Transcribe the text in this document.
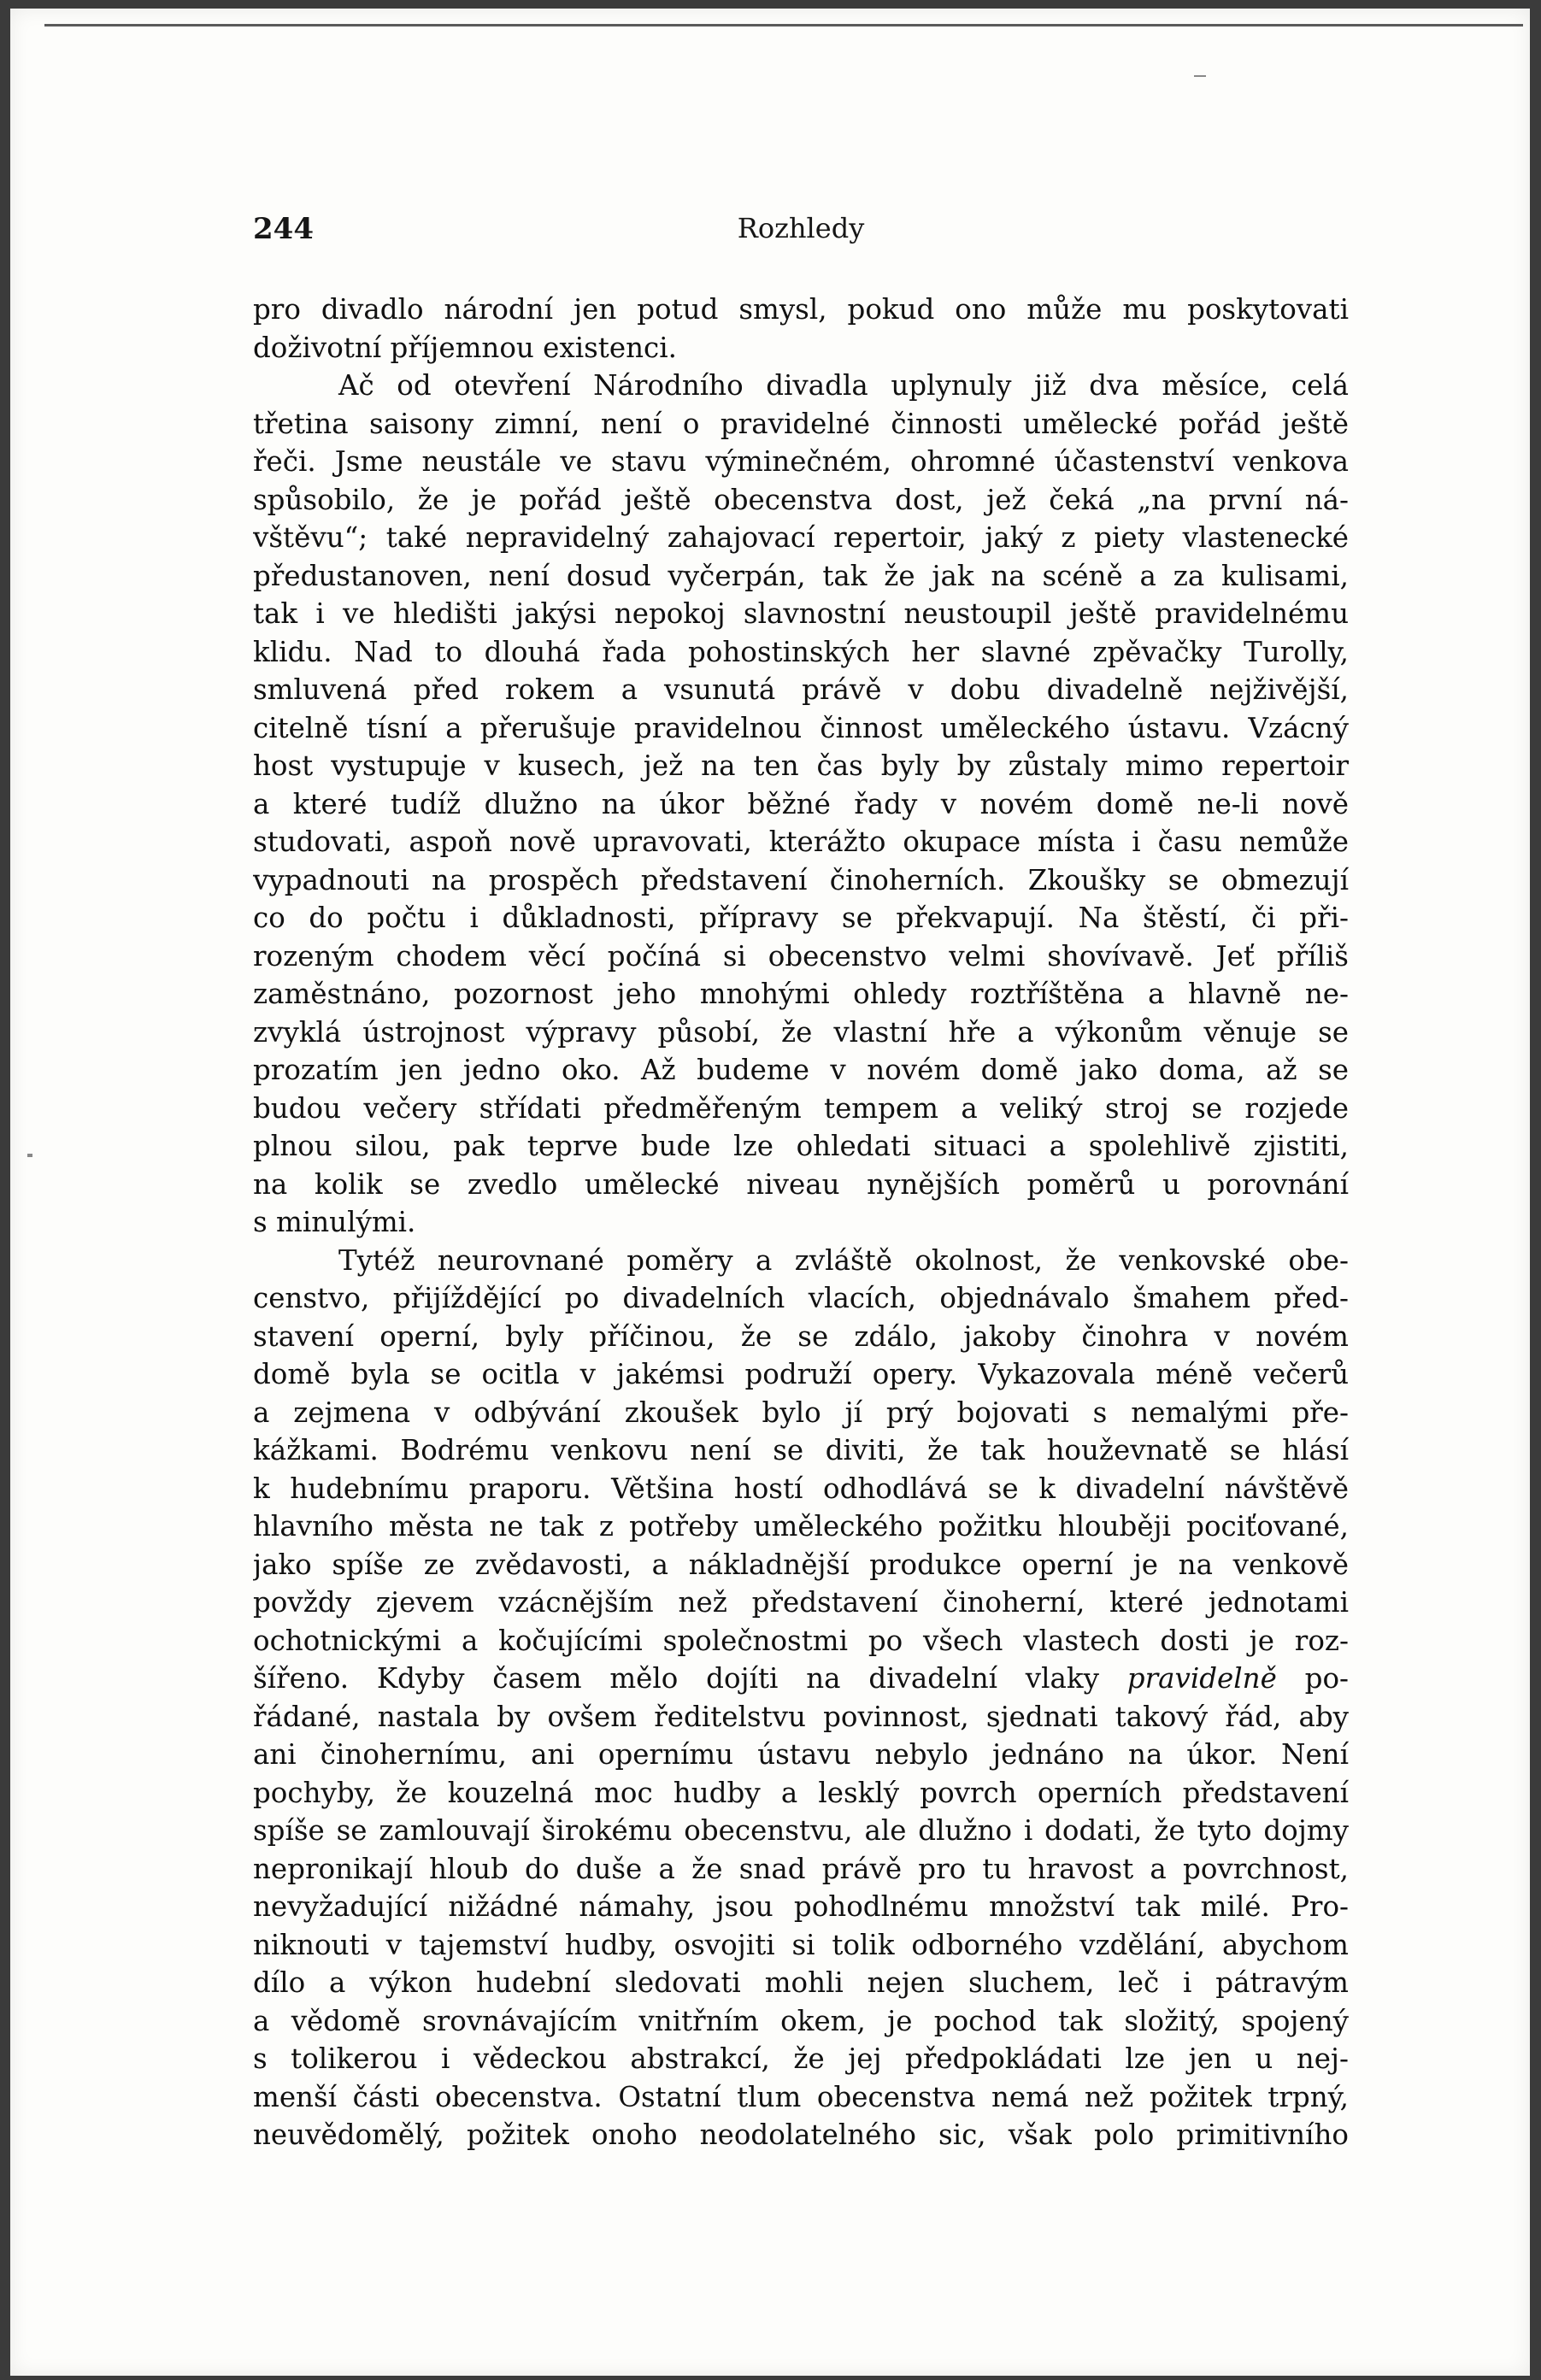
244	Rozhledy
pro divadlo národní jen potud smysl, pokud ono může mu poskytovati
doživotní příjemnou existenci.
Ač od otevření Národního divadla uplynuly již dva měsíce, celá
třetina saisony zimní, není o pravidelné činnosti umělecké pořád ještě
řeči. Jsme neustále ve stavu výminečném, ohromné účastenství venkova
spůsobilo, že je pořád ještě obecenstva dost, jež čeká „na první ná-
vštěvu“; také nepravidelný zahajovací repertoir, jaký z piety vlastenecké
předustanoven, není dosud vyčerpán, tak že jak na scéně a za kulisami,
tak i ve hledišti jakýsi nepokoj slavnostní neustoupil ještě pravidelnému
klidu. Nad to dlouhá řada pohostinských her slavné zpěvačky Turolly,
smluvená před rokem a vsunutá právě v dobu divadelně nejživější,
citelně tísní a přerušuje pravidelnou činnost uměleckého ústavu. Vzácný
host vystupuje v kusech, jež na ten čas byly by zůstaly mimo repertoir
a které tudíž dlužno na úkor běžné řady v novém domě ne-li nově
studovati, aspoň nově upravovati, kterážto okupace místa i času nemůže
vypadnouti na prospěch představení činoherních. Zkoušky se obmezují
co do počtu i důkladnosti, přípravy se překvapují. Na štěstí, či při-
rozeným chodem věcí počíná si obecenstvo velmi shovívavě. Jeť příliš
zaměstnáno, pozornost jeho mnohými ohledy roztříštěna a hlavně ne-
zvyklá ústrojnost výpravy působí, že vlastní hře a výkonům věnuje se
prozatím jen jedno oko. Až budeme v novém domě jako doma, až se
budou večery střídati předměřeným tempem a veliký stroj se rozjede
plnou silou, pak teprve bude lze ohledati situaci a spolehlivě zjistiti,
na kolik se zvedlo umělecké niveau nynějších poměrů u porovnání
s minulými.
Tytéž neurovnané poměry a zvláště okolnost, že venkovské obe-
censtvo, přijíždějící po divadelních vlacích, objednávalo šmahem před-
stavení operní, byly příčinou, že se zdálo, jakoby činohra v novém
domě byla se ocitla v jakémsi podruží opery. Vykazovala méně večerů
a zejmena v odbývání zkoušek bylo jí prý bojovati s nemalými pře-
kážkami. Bodrému venkovu není se diviti, že tak houževnatě se hlásí
k hudebnímu praporu. Většina hostí odhodlává se k divadelní návštěvě
hlavního města ne tak z potřeby uměleckého požitku hlouběji pociťované,
jako spíše ze zvědavosti, a nákladnější produkce operní je na venkově
povždy zjevem vzácnějším než představení činoherní, které jednotami
ochotnickými a kočujícími společnostmi po všech vlastech dosti je roz-
šířeno. Kdyby časem mělo dojíti na divadelní vlaky pravidelně po-
řádané, nastala by ovšem ředitelstvu povinnost, sjednati takový řád, aby
ani činohernímu, ani opernímu ústavu nebylo jednáno na úkor. Není
pochyby, že kouzelná moc hudby a lesklý povrch operních představení
spíše se zamlouvají širokému obecenstvu, ale dlužno i dodati, že tyto dojmy
nepronikají hloub do duše a že snad právě pro tu hravost a povrchnost,
nevyžadující nižádné námahy, jsou pohodlnému množství tak milé. Pro-
niknouti v tajemství hudby, osvojiti si tolik odborného vzdělání, abychom
dílo a výkon hudební sledovati mohli nejen sluchem, leč i pátravým
a vědomě srovnávajícím vnitřním okem, je pochod tak složitý, spojený
s tolikerou i vědeckou abstrakcí, že jej předpokládati lze jen u nej-
menší části obecenstva. Ostatní tlum obecenstva nemá než požitek trpný,
neuvědomělý, požitek onoho neodolatelného sic, však polo primitivního
